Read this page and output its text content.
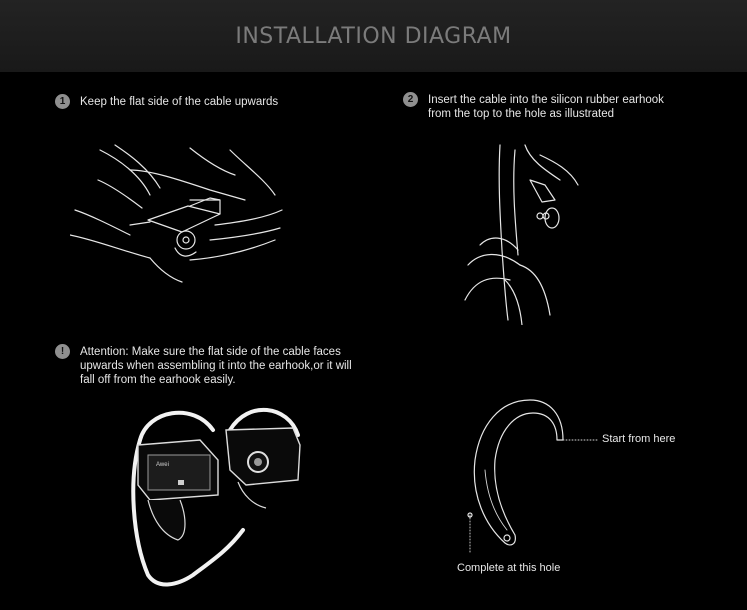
INSTALLATION DIAGRAM
1	Keep the flat side of the cable upwards	2	Insert the cable into the silicon rubber earhook from the top to the hole as illustrated
!	Attention: Make sure the flat side of the cable faces upwards when assembling it into the earhook,or it will fall off from the earhook easily.
Awei
Start from here
Complete at this hole
